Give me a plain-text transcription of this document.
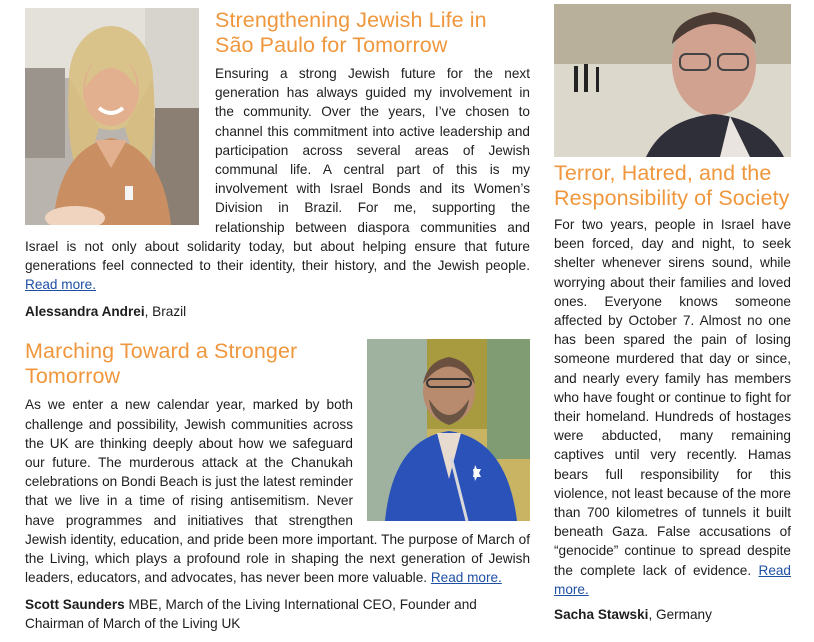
Strengthening Jewish Life in São Paulo for Tomorrow

Ensuring a strong Jewish future for the next generation has always guided my involvement in the community. Over the years, I’ve chosen to channel this commitment into active leadership and participation across several areas of Jewish communal life. A central part of this is my involvement with Israel Bonds and its Women’s Division in Brazil. For me, supporting the relationship between diaspora communities and Israel is not only about solidarity today, but about helping ensure that future generations feel connected to their identity, their history, and the Jewish people. Read more.

Alessandra Andrei, Brazil

Marching Toward a Stronger Tomorrow

As we enter a new calendar year, marked by both challenge and possibility, Jewish communities across the UK are thinking deeply about how we safeguard our future. The murderous attack at the Chanukah celebrations on Bondi Beach is just the latest reminder that we live in a time of rising antisemitism. Never have programmes and initiatives that strengthen Jewish identity, education, and pride been more important. The purpose of March of the Living, which plays a profound role in shaping the next generation of Jewish leaders, educators, and advocates, has never been more valuable. Read more.

Scott Saunders MBE, March of the Living International CEO, Founder and Chairman of March of the Living UK

Terror, Hatred, and the Responsibility of Society

For two years, people in Israel have been forced, day and night, to seek shelter whenever sirens sound, while worrying about their families and loved ones. Everyone knows someone affected by October 7. Almost no one has been spared the pain of losing someone murdered that day or since, and nearly every family has members who have fought or continue to fight for their homeland. Hundreds of hostages were abducted, many remaining captives until very recently. Hamas bears full responsibility for this violence, not least because of the more than 700 kilometres of tunnels it built beneath Gaza. False accusations of “genocide” continue to spread despite the complete lack of evidence. Read more.

Sacha Stawski, Germany
